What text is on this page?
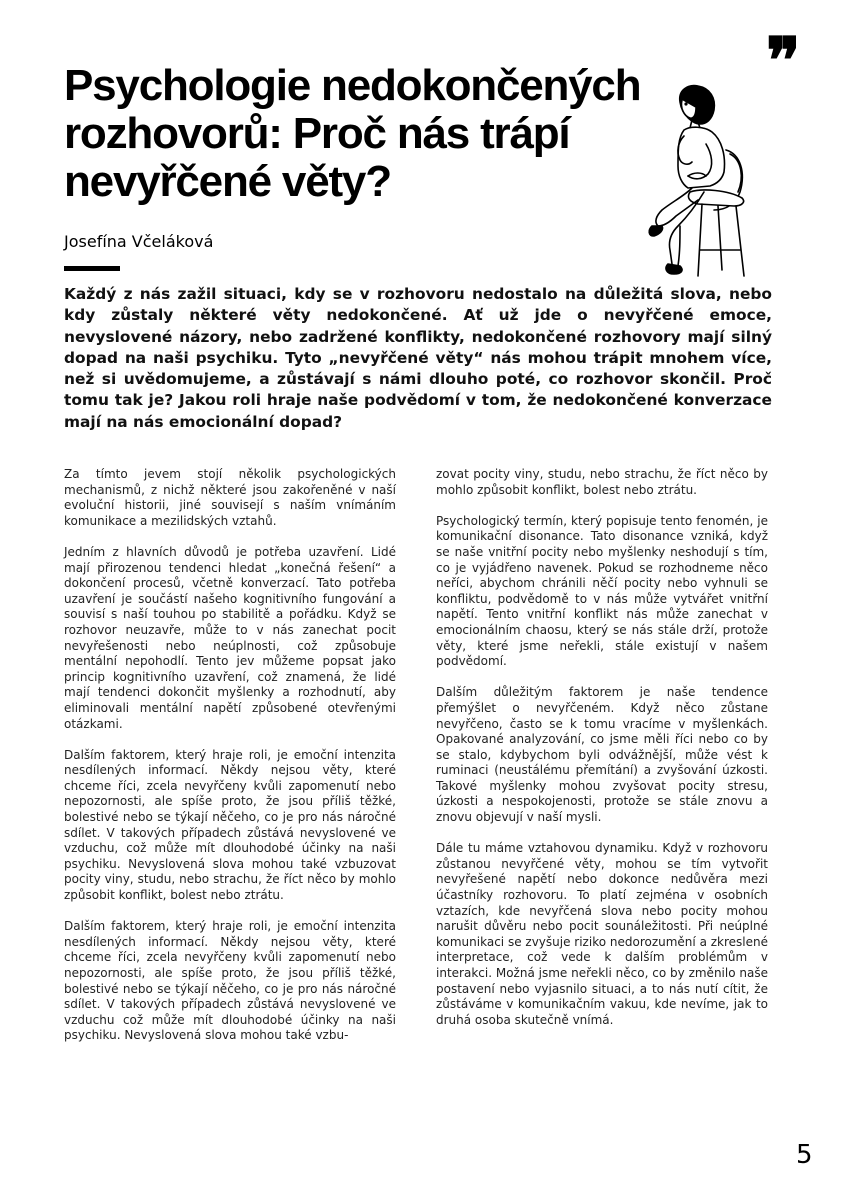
❞
Psychologie nedokončených rozhovorů: Proč nás trápí nevyřčené věty?
Josefína Včeláková

Každý z nás zažil situaci, kdy se v rozhovoru nedostalo na důležitá slova, nebo kdy zůstaly některé věty nedokončené. Ať už jde o nevyřčené emoce, nevyslovené názory, nebo zadržené konflikty, nedokončené rozhovory mají silný dopad na naši psychiku. Tyto „nevyřčené věty“ nás mohou trápit mnohem více, než si uvědomujeme, a zůstávají s námi dlouho poté, co rozhovor skončil. Proč tomu tak je? Jakou roli hraje naše podvědomí v tom, že nedokončené konverzace mají na nás emocionální dopad?

Za tímto jevem stojí několik psychologických mechanismů, z nichž některé jsou zakořeněné v naší evoluční historii, jiné souvisejí s naším vnímáním komunikace a mezilidských vztahů.

Jedním z hlavních důvodů je potřeba uzavření. Lidé mají přirozenou tendenci hledat „konečná řešení“ a dokončení procesů, včetně konverzací. Tato potřeba uzavření je součástí našeho kognitivního fungování a souvisí s naší touhou po stabilitě a pořádku. Když se rozhovor neuzavře, může to v nás zanechat pocit nevyřešenosti nebo neúplnosti, což způsobuje mentální nepohodlí. Tento jev můžeme popsat jako princip kognitivního uzavření, což znamená, že lidé mají tendenci dokončit myšlenky a rozhodnutí, aby eliminovali mentální napětí způsobené otevřenými otázkami.

Dalším faktorem, který hraje roli, je emoční intenzita nesdílených informací. Někdy nejsou věty, které chceme říci, zcela nevyřčeny kvůli zapomenutí nebo nepozornosti, ale spíše proto, že jsou příliš těžké, bolestivé nebo se týkají něčeho, co je pro nás náročné sdílet. V takových případech zůstává nevyslovené ve vzduchu, což může mít dlouhodobé účinky na naši psychiku. Nevyslovená slova mohou také vzbuzovat pocity viny, studu, nebo strachu, že říct něco by mohlo způsobit konflikt, bolest nebo ztrátu.

Dalším faktorem, který hraje roli, je emoční intenzita nesdílených informací. Někdy nejsou věty, které chceme říci, zcela nevyřčeny kvůli zapomenutí nebo nepozornosti, ale spíše proto, že jsou příliš těžké, bolestivé nebo se týkají něčeho, co je pro nás náročné sdílet. V takových případech zůstává nevyslovené ve vzduchu což může mít dlouhodobé účinky na naši psychiku. Nevyslovená slova mohou také vzbu-

zovat pocity viny, studu, nebo strachu, že říct něco by mohlo způsobit konflikt, bolest nebo ztrátu.

Psychologický termín, který popisuje tento fenomén, je komunikační disonance. Tato disonance vzniká, když se naše vnitřní pocity nebo myšlenky neshodují s tím, co je vyjádřeno navenek. Pokud se rozhodneme něco neříci, abychom chránili něčí pocity nebo vyhnuli se konfliktu, podvědomě to v nás může vytvářet vnitřní napětí. Tento vnitřní konflikt nás může zanechat v emocionálním chaosu, který se nás stále drží, protože věty, které jsme neřekli, stále existují v našem podvědomí.

Dalším důležitým faktorem je naše tendence přemýšlet o nevyřčeném. Když něco zůstane nevyřčeno, často se k tomu vracíme v myšlenkách. Opakované analyzování, co jsme měli říci nebo co by se stalo, kdybychom byli odvážnější, může vést k ruminaci (neustálému přemítání) a zvyšování úzkosti. Takové myšlenky mohou zvyšovat pocity stresu, úzkosti a nespokojenosti, protože se stále znovu a znovu objevují v naší mysli.

Dále tu máme vztahovou dynamiku. Když v rozhovoru zůstanou nevyřčené věty, mohou se tím vytvořit nevyřešené napětí nebo dokonce nedůvěra mezi účastníky rozhovoru. To platí zejména v osobních vztazích, kde nevyřčená slova nebo pocity mohou narušit důvěru nebo pocit sounáležitosti. Při neúplné komunikaci se zvyšuje riziko nedorozumění a zkreslené interpretace, což vede k dalším problémům v interakci. Možná jsme neřekli něco, co by změnilo naše postavení nebo vyjasnilo situaci, a to nás nutí cítit, že zůstáváme v komunikačním vakuu, kde nevíme, jak to druhá osoba skutečně vnímá.

5
